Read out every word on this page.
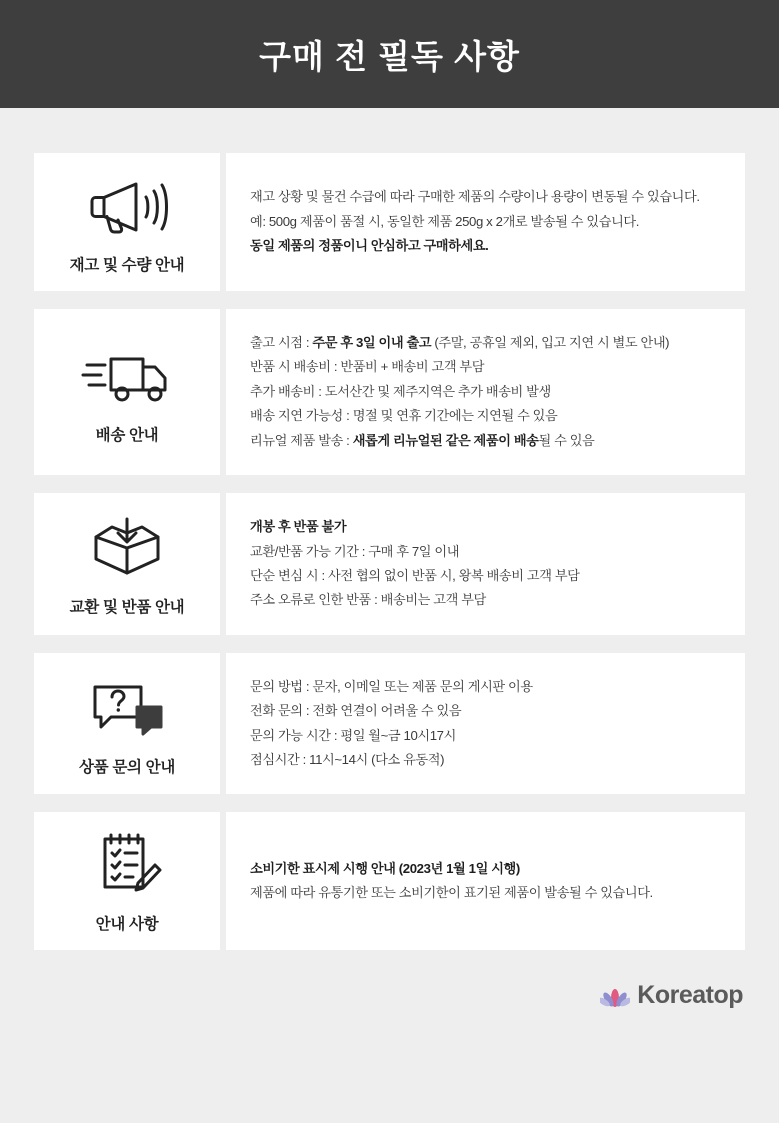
구매 전 필독 사항
재고 및 수량 안내
재고 상황 및 물건 수급에 따라 구매한 제품의 수량이나 용량이 변동될 수 있습니다.
예: 500g 제품이 품절 시, 동일한 제품 250g x 2개로 발송될 수 있습니다.
동일 제품의 정품이니 안심하고 구매하세요.
배송 안내
출고 시점 : 주문 후 3일 이내 출고 (주말, 공휴일 제외, 입고 지연 시 별도 안내)
반품 시 배송비 : 반품비 + 배송비 고객 부담
추가 배송비 : 도서산간 및 제주지역은 추가 배송비 발생
배송 지연 가능성 : 명절 및 연휴 기간에는 지연될 수 있음
리뉴얼 제품 발송 : 새롭게 리뉴얼된 같은 제품이 배송될 수 있음
교환 및 반품 안내
개봉 후 반품 불가
교환/반품 가능 기간 : 구매 후 7일 이내
단순 변심 시 : 사전 협의 없이 반품 시, 왕복 배송비 고객 부담
주소 오류로 인한 반품 : 배송비는 고객 부담
상품 문의 안내
문의 방법 : 문자, 이메일 또는 제품 문의 게시판 이용
전화 문의 : 전화 연결이 어려울 수 있음
문의 가능 시간 : 평일 월~금 10시17시
점심시간 : 11시~14시 (다소 유동적)
안내 사항
소비기한 표시제 시행 안내 (2023년 1월 1일 시행)
제품에 따라 유통기한 또는 소비기한이 표기된 제품이 발송될 수 있습니다.
Koreatop
